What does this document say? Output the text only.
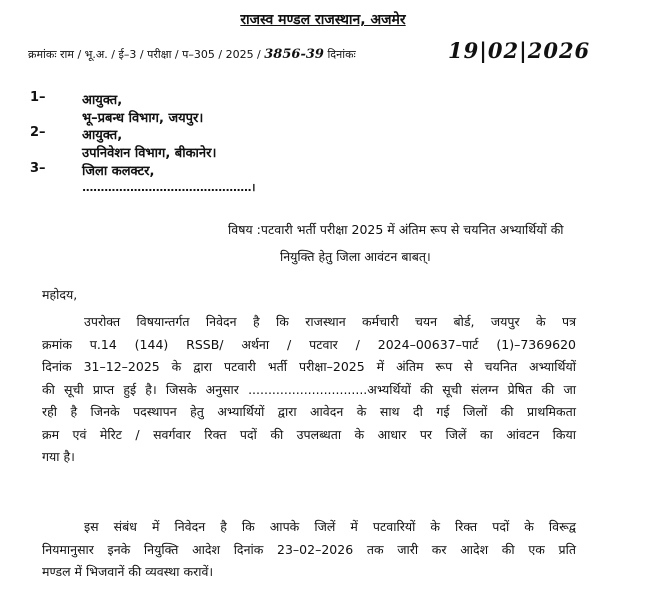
राजस्व मण्डल राजस्थान, अजमेर
क्रमांकः राम / भू.अ. / ई–3 / परीक्षा / प–305 / 2025 / 3856-39 दिनांकः	19|02|2026
1–	आयुक्त,
भू–प्रबन्ध विभाग, जयपुर।
2–	आयुक्त,
उपनिवेशन विभाग, बीकानेर।
3–	जिला कलक्टर,
..............................................।
विषय :पटवारी भर्ती परीक्षा 2025 में अंतिम रूप से चयनित अभ्यार्थियों की
नियुक्ति हेतु जिला आवंटन बाबत्।
महोदय,

उपरोक्त विषयान्तर्गत निवेदन है कि राजस्थान कर्मचारी चयन बोर्ड, जयपुर के पत्र

क्रमांक प.14 (144) RSSB/ अर्थना / पटवार / 2024–00637–पार्ट (1)–7369620

दिनांक 31–12–2025 के द्वारा पटवारी भर्ती परीक्षा–2025 में अंतिम रूप से चयनित अभ्यार्थियों

की सूची प्राप्त हुई है। जिसके अनुसार ..............................अभ्यर्थियों की सूची संलग्न प्रेषित की जा

रही है जिनके पदस्थापन हेतु अभ्यार्थियों द्वारा आवेदन के साथ दी गई जिलों की प्राथमिकता

क्रम एवं मेरिट / सवर्गवार रिक्त पदों की उपलब्धता के आधार पर जिलें का आंवटन किया

गया है।

इस संबंध में निवेदन है कि आपके जिलें में पटवारियों के रिक्त पदों के विरूद्व

नियमानुसार इनके नियुक्ति आदेश दिनांक 23–02–2026 तक जारी कर आदेश की एक प्रति

मण्डल में भिजवानें की व्यवस्था करावें।
